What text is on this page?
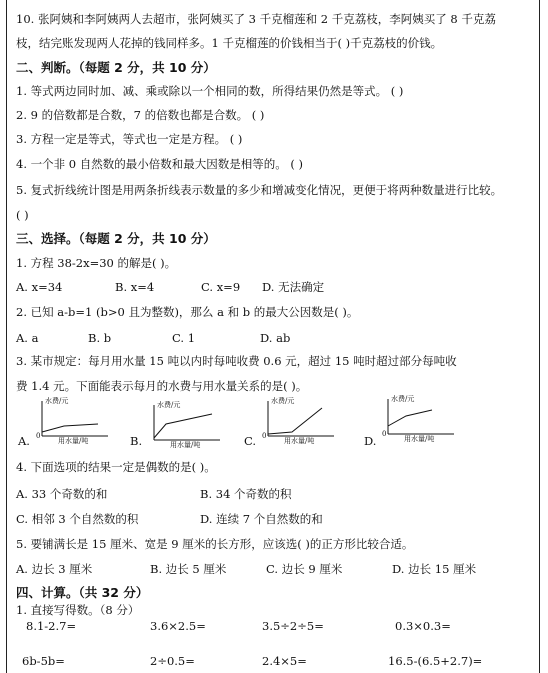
10. 张阿姨和李阿姨两人去超市，张阿姨买了 3 千克榴莲和 2 千克荔枝，李阿姨买了 8 千克荔
枝，结完账发现两人花掉的钱同样多。1 千克榴莲的价钱相当于( )千克荔枝的价钱。
二、判断。（每题 2 分，共 10 分）
1. 等式两边同时加、减、乘或除以一个相同的数，所得结果仍然是等式。 ( )
2. 9 的倍数都是合数，7 的倍数也都是合数。 ( )
3. 方程一定是等式，等式也一定是方程。 ( )
4. 一个非 0 自然数的最小倍数和最大因数是相等的。 ( )
5. 复式折线统计图是用两条折线表示数量的多少和增减变化情况，更便于将两种数量进行比较。
( )
三、选择。（每题 2 分，共 10 分）
1. 方程 38-2x=30 的解是( )。
A. x=34	B. x=4	C. x=9 D. 无法确定
2. 已知 a-b=1 (b>0 且为整数)，那么 a 和 b 的最大公因数是( )。
A. a	B. b	C. 1	D. ab
3. 某市规定：每月用水量 15 吨以内时每吨收费 0.6 元，超过 15 吨时超过部分每吨收
费 1.4 元。下面能表示每月的水费与用水量关系的是( )。
A.	B.	C.	D.
水费/元
用水量/吨
0
水费/元
用水量/吨
水费/元
用水量/吨
0
水费/元
用水量/吨
0
4. 下面选项的结果一定是偶数的是( )。
A. 33 个奇数的和	B. 34 个奇数的积
C. 相邻 3 个自然数的积	D. 连续 7 个自然数的和
5. 要铺满长是 15 厘米、宽是 9 厘米的长方形，应该选( )的正方形比较合适。
A. 边长 3 厘米	B. 边长 5 厘米	C. 边长 9 厘米	D. 边长 15 厘米
四、计算。（共 32 分）
1. 直接写得数。（8 分）
8.1-2.7=	3.6×2.5=	3.5÷2÷5=	0.3×0.3=
6b-5b=	2÷0.5=	2.4×5=	16.5-(6.5+2.7)=
